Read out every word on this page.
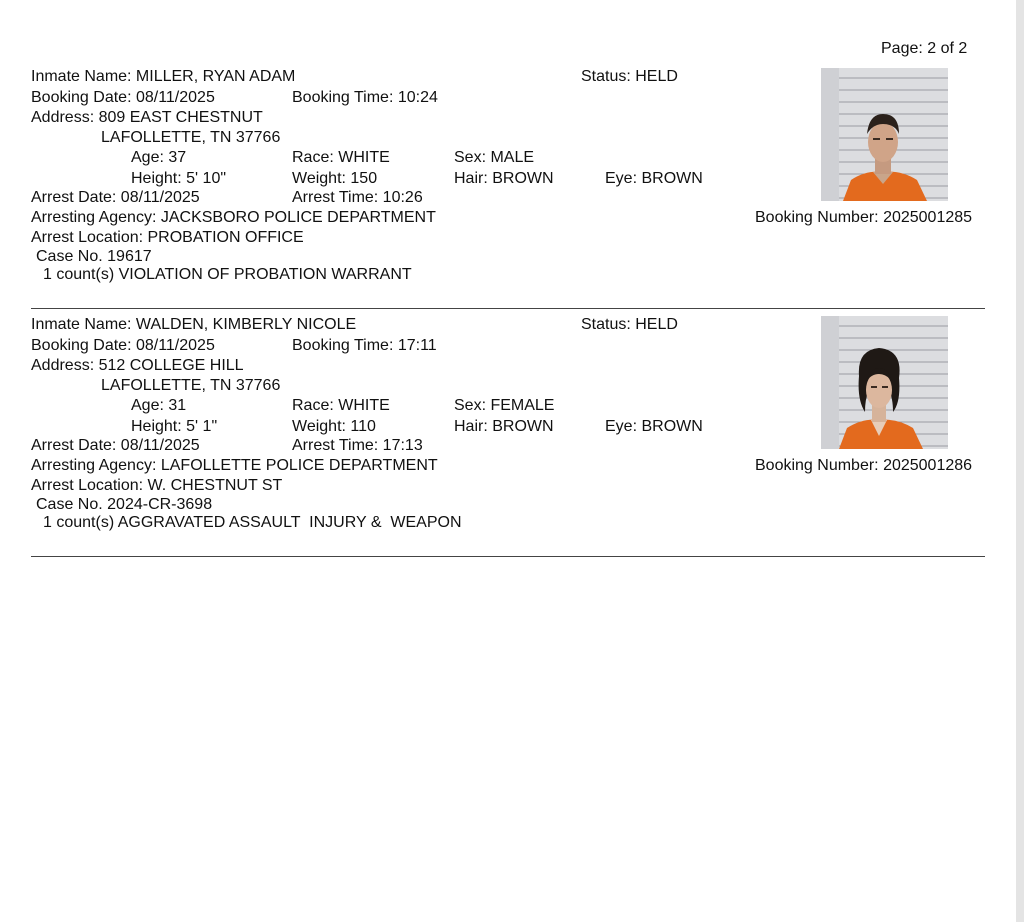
Page: 2 of 2
Inmate Name: MILLER, RYAN ADAM	Status: HELD
Booking Date: 08/11/2025	Booking Time: 10:24
Address: 809 EAST CHESTNUT
LAFOLLETTE, TN 37766
Age: 37	Race: WHITE	Sex: MALE
Height: 5' 10"	Weight: 150	Hair: BROWN	Eye: BROWN
Arrest Date: 08/11/2025	Arrest Time: 10:26
Arresting Agency: JACKSBORO POLICE DEPARTMENT	Booking Number: 2025001285
Arrest Location: PROBATION OFFICE
Case No. 19617
1 count(s) VIOLATION OF PROBATION WARRANT
Inmate Name: WALDEN, KIMBERLY NICOLE	Status: HELD
Booking Date: 08/11/2025	Booking Time: 17:11
Address: 512 COLLEGE HILL
LAFOLLETTE, TN 37766
Age: 31	Race: WHITE	Sex: FEMALE
Height: 5' 1"	Weight: 110	Hair: BROWN	Eye: BROWN
Arrest Date: 08/11/2025	Arrest Time: 17:13
Arresting Agency: LAFOLLETTE POLICE DEPARTMENT	Booking Number: 2025001286
Arrest Location: W. CHESTNUT ST
Case No. 2024-CR-3698
1 count(s) AGGRAVATED ASSAULT  INJURY &  WEAPON
